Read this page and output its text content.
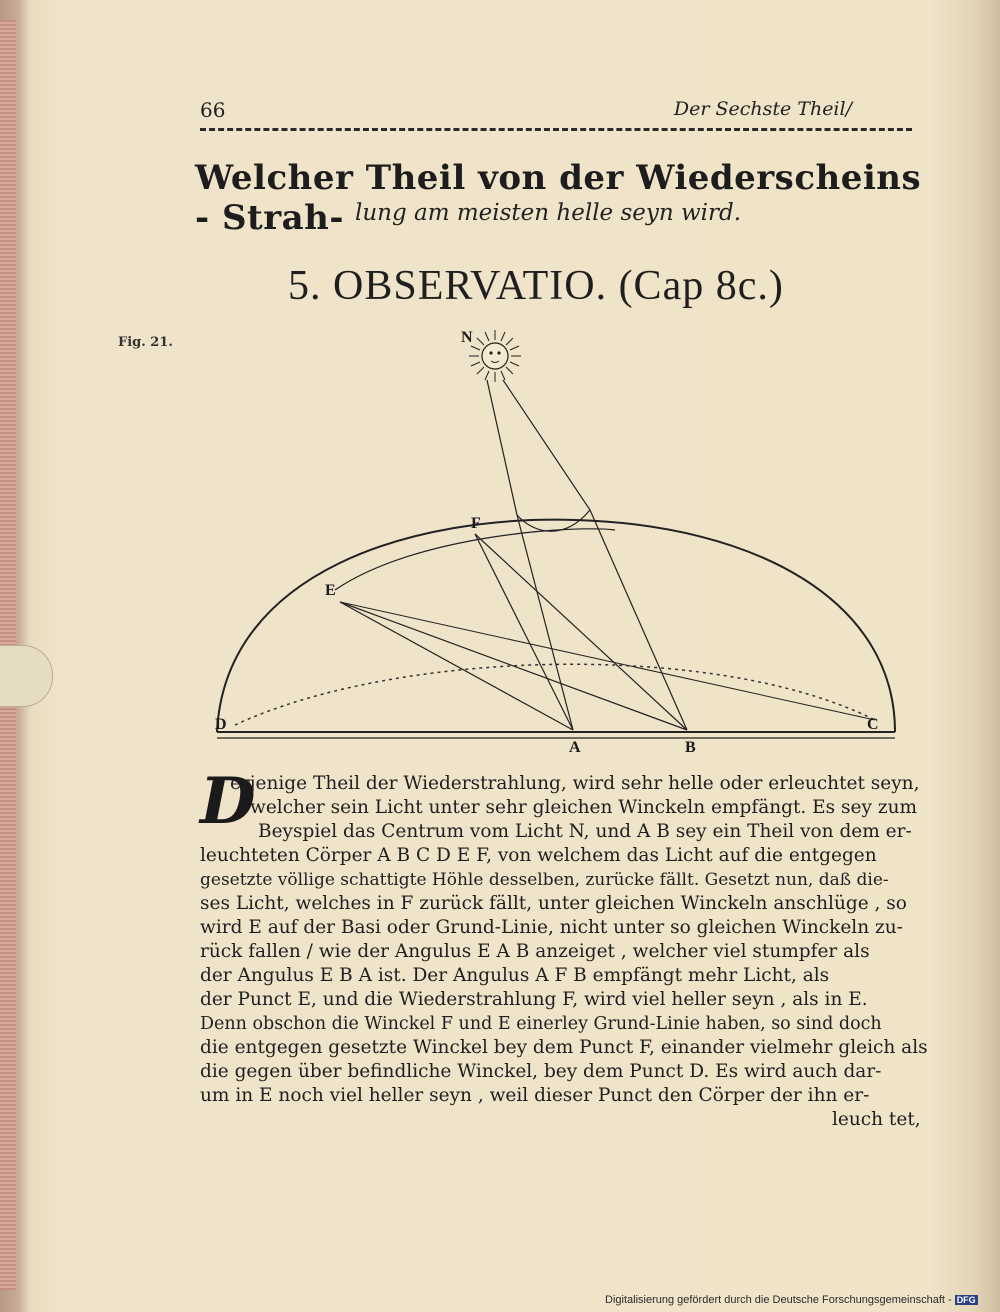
66	Der Sechste Theil/
Welcher Theil von der Wiederscheins - Strah- lung am meisten helle seyn wird.
5. OBSERVATIO. (Cap 8c.)
Fig. 21.	N
F
E
D
A	B
C
D
erjenige Theil der Wiederstrahlung, wird sehr helle oder erleuchtet seyn,
welcher sein Licht unter sehr gleichen Winckeln empfängt. Es sey zum
Beyspiel das Centrum vom Licht N, und A B sey ein Theil von dem er-
leuchteten Cörper A B C D E F, von welchem das Licht auf die entgegen
gesetzte völlige schattigte Höhle desselben, zurücke fällt. Gesetzt nun, daß die-
ses Licht, welches in F zurück fällt, unter gleichen Winckeln anschlüge , so
wird E auf der Basi oder Grund-Linie, nicht unter so gleichen Winckeln zu-
rück fallen / wie der Angulus E A B anzeiget , welcher viel stumpfer als
der Angulus E B A ist. Der Angulus A F B empfängt mehr Licht, als
der Punct E, und die Wiederstrahlung F, wird viel heller seyn , als in E.
Denn obschon die Winckel F und E einerley Grund-Linie haben, so sind doch
die entgegen gesetzte Winckel bey dem Punct F, einander vielmehr gleich als
die gegen über befindliche Winckel, bey dem Punct D. Es wird auch dar-
um in E noch viel heller seyn , weil dieser Punct den Cörper der ihn er-
leuch tet,
Digitalisierung gefördert durch die Deutsche Forschungsgemeinschaft - DFG
